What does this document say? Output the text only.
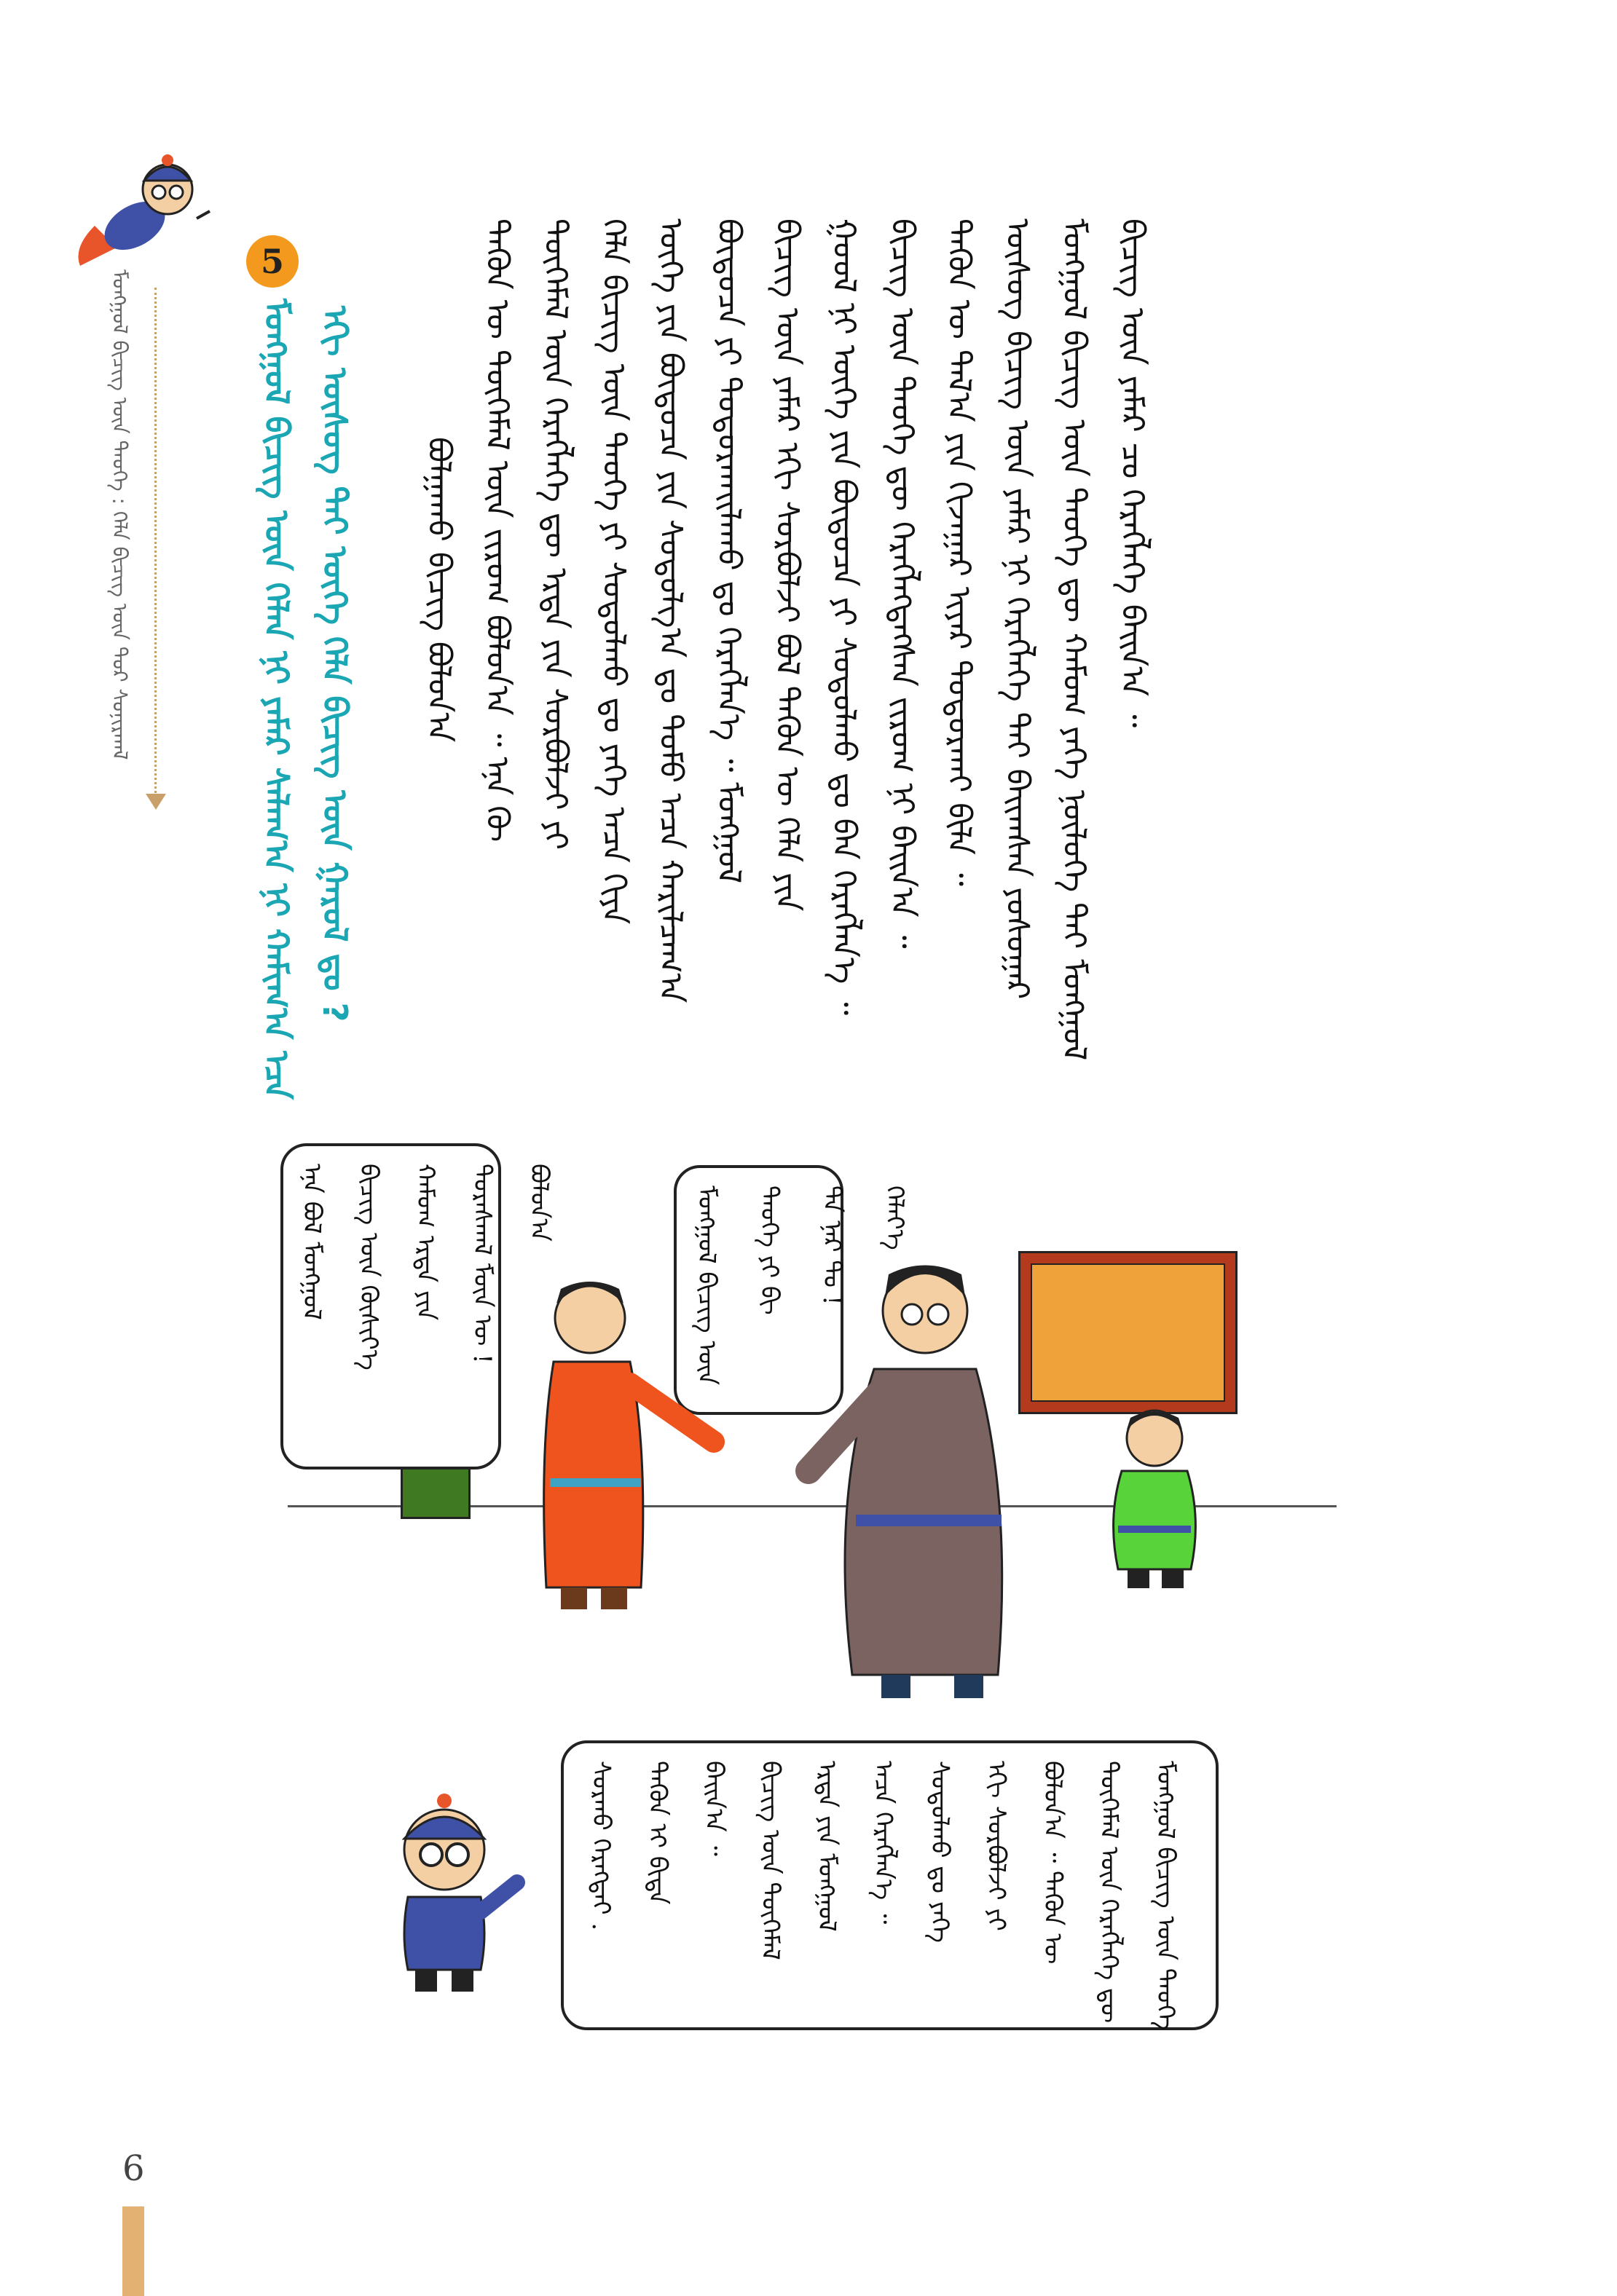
ᠮᠣᠩᠭᠣᠯ ᠪᠢᠴᠢᠭ᠌ ᠦᠨ ᠲᠡᠦᠬᠡ : ᠬᠡᠯᠡ ᠪᠢᠴᠢᠭ᠌ ᠦᠨ ᠳᠤᠷ ᠰᠣᠨᠢᠷᠬᠠᠯ
5
ᠮᠣᠩᠭᠣᠯ ᠪᠢᠴᠢᠭ᠌ ᠦᠨ ᠬᠡᠯᠡᠨ ᠨᠢ ᠶᠠᠮᠠᠷ ᠰᠠᠯᠠᠭ᠎ᠠ ᠨᠢ ᠬᠠᠮᠢᠭ᠎ᠠ ᠡᠴᠡ ᠡᠬᠢ ᠦᠰᠦᠭ ᠲᠡᠢ ᠦᠭᠡ ᠬᠡᠯᠡ ᠪᠢᠴᠢᠭ᠌ ᠦᠨ ᠭᠠᠷᠤᠯ ᠳᠤ ?	ᠪᠣᠯᠭᠠᠬᠤ ᠪᠢᠴᠢᠭ᠌ ᠪᠣᠯᠤᠨ᠎ᠠ ᠲᠡᠭᠦᠨ ᠦ ᠲᠦᠭᠡᠮᠡᠯ ᠦᠨ ᠵᠢᠷᠤᠭ ᠪᠣᠯᠤᠨ᠎ᠠ ᠃ ᠡᠨᠡ ᠬᠦ ᠲᠦᠭᠡᠮᠡᠯ ᠦᠨ ᠬᠡᠷᠡᠭᠯᠡᠭᠡ ᠳᠦ ᠡᠷᠲᠡ ᠶᠢᠨ ᠰᠤᠷᠪᠤᠯᠵᠢ ᠶᠢ ᠬᠡᠯᠡ ᠪᠢᠴᠢᠭ᠌ ᠦᠨ ᠲᠡᠦᠬᠡ ᠶᠢ ᠰᠤᠳᠤᠯᠬᠤ ᠳᠤ ᠶᠡᠬᠡ ᠠᠴᠠ ᠬᠢᠶᠡ ᠦᠭᠡ ᠶᠢᠨ ᠪᠦᠲᠦᠴᠡ ᠶᠢᠨ ᠰᠤᠳᠤᠯᠭ᠎ᠠ ᠳᠤ ᠲᠣᠮᠣ ᠠᠴᠠ ᠬᠠᠷᠢᠯᠴᠠᠭ᠎ᠠ ᠪᠦᠲᠦᠴᠡ ᠶᠢ ᠲᠣᠳᠣᠷᠬᠠᠢᠯᠠᠬᠤ ᠳᠤ ᠬᠡᠷᠡᠭᠯᠡᠨ᠎ᠡ ᠃ ᠮᠣᠩᠭᠣᠯ ᠪᠢᠴᠢᠭ᠌ ᠦᠨ ᠶᠠᠮᠠᠷ ᠡᠬᠢ ᠰᠤᠷᠪᠤᠯᠵᠢ ᠪᠣᠯ ᠲᠡᠭᠦᠨ ᠦ ᠬᠡᠯᠡ ᠶᠢᠨ ᠭᠣᠣᠯ ᠨᠢ ᠦᠭᠡ ᠶᠢᠨ ᠪᠦᠲᠦᠴᠡ ᠶᠢ ᠰᠤᠳᠤᠯᠬᠤ ᠳᠤ ᠪᠠᠨ ᠬᠡᠷᠡᠭᠯᠡᠨ᠎ᠡ ᠃ ᠪᠢᠴᠢᠭ᠌ ᠦᠨ ᠲᠡᠦᠬᠡ ᠳᠦ ᠬᠡᠷᠡᠭᠯᠡᠭᠳᠡᠭᠰᠡᠨ ᠵᠢᠷᠤᠭ ᠨᠢ ᠪᠠᠢᠨ᠎ᠠ ᠃ ᠲᠡᠭᠦᠨ ᠦ ᠲᠠᠯ᠎ᠠ ᠶᠢᠨ ᠬᠢᠵᠠᠭᠠᠷ ᠢᠶᠠᠷ ᠲᠣᠳᠤᠷᠬᠠᠢ ᠪᠢᠯᠡ ᠃ ᠦᠰᠦᠭ ᠪᠢᠴᠢᠭ᠌ ᠦᠨ ᠶᠠᠮᠠᠷ ᠨᠢ ᠬᠡᠷᠡᠭᠯᠡᠭᠡ ᠲᠡᠢ ᠪᠠᠢᠭᠰᠠᠨ ᠶᠣᠰᠣᠭᠠᠷ ᠮᠣᠩᠭᠣᠯ ᠪᠢᠴᠢᠭ᠌ ᠦᠨ ᠲᠡᠦᠬᠡ ᠳᠦ ᠬᠠᠮᠤᠭ ᠶᠡᠬᠡ ᠨᠥᠯᠦᠭᠡ ᠲᠠᠢ ᠮᠣᠩᠭᠣᠯ ᠪᠢᠴᠢᠭ᠌ ᠦᠨ ᠶᠠᠮᠠᠷ ᠴᠤ ᠬᠡᠷᠡᠭᠯᠡᠭᠡ ᠪᠠᠢᠨ᠎ᠠ ᠃
ᠮᠣᠩᠭᠣᠯ ᠪᠢᠴᠢᠭ᠌ ᠦᠨ	ᠲᠡᠦᠬᠡ ᠶᠢ ᠪᠢ	ᠲᠠ ᠨᠠᠷ ᠲᠤ !	ᠬᠡᠯᠡᠶ᠎ᠡ
ᠡᠨᠡ ᠪᠣᠯ ᠮᠣᠩᠭᠣᠯ	ᠪᠢᠴᠢᠭ᠌ ᠦᠨ ᠬᠥᠱᠢᠶ᠎ᠡ	ᠬᠠᠮᠤᠭ ᠡᠷᠲᠡ ᠶᠢᠨ	ᠳᠤᠷᠠᠰᠬᠠᠯ ᠮᠥᠨ ᠦ !	ᠪᠣᠯᠤᠨ᠎ᠠ
ᠰᠤᠷᠬᠤ ᠬᠡᠷᠡᠭᠲᠡᠢ .	ᠲᠡᠭᠦᠨ ᠢ ᠪᠢᠳᠡ	ᠪᠠᠢᠨ᠎ᠠ ᠃	ᠪᠢᠴᠢᠭ᠌ ᠦᠨ ᠲᠦᠭᠡᠮᠡᠯ	ᠡᠷᠲᠡ ᠶᠢᠨ ᠮᠣᠩᠭᠣᠯ	ᠠᠴᠠ ᠬᠡᠷᠡᠭᠯᠡᠨ᠎ᠡ ᠃	ᠰᠤᠳᠤᠯᠬᠤ ᠳᠤ ᠶᠡᠬᠡ	ᠡᠬᠢ ᠰᠤᠷᠪᠤᠯᠵᠢ ᠶᠢ	ᠪᠣᠯᠤᠨ᠎ᠠ ᠃ ᠲᠡᠭᠦᠨ ᠦ	ᠲᠦᠭᠡᠮᠡᠯ ᠦᠨ ᠬᠡᠷᠡᠭᠯᠡᠭᠡ ᠳᠦ	ᠮᠣᠩᠭᠣᠯ ᠪᠢᠴᠢᠭ᠌ ᠦᠨ ᠲᠡᠦᠬᠡ
6
